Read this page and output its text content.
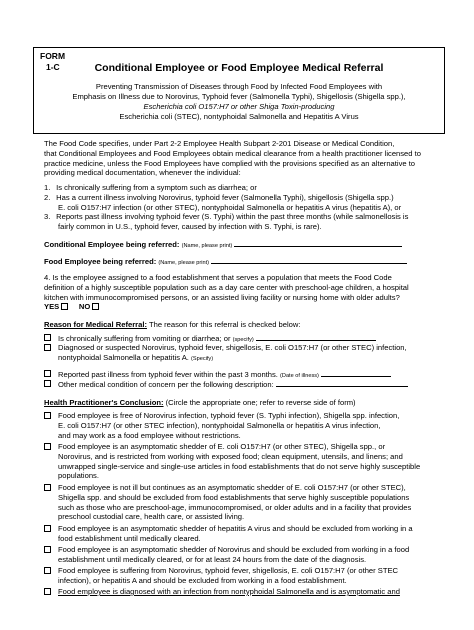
FORM
1-C	Conditional Employee or Food Employee Medical Referral
Preventing Transmission of Diseases through Food by Infected Food Employees with
Emphasis on Illness due to Norovirus, Typhoid fever (Salmonella Typhi), Shigellosis (Shigella spp.),
Escherichia coli O157:H7 or other Shiga Toxin-producing
Escherichia coli (STEC), nontyphoidal Salmonella and Hepatitis A Virus
The Food Code specifies, under Part 2-2 Employee Health Subpart 2-201 Disease or Medical Condition,
that Conditional Employees and Food Employees obtain medical clearance from a health practitioner licensed to
practice medicine, unless the Food Employees have complied with the provisions specified as an alternative to
providing medical documentation, whenever the individual:
1. Is chronically suffering from a symptom such as diarrhea; or
2. Has a current illness involving Norovirus, typhoid fever (Salmonella Typhi), shigellosis (Shigella spp.)
E. coli O157:H7 infection (or other STEC), nontyphoidal Salmonella or hepatitis A virus (hepatitis A), or
3. Reports past illness involving typhoid fever (S. Typhi) within the past three months (while salmonellosis is
fairly common in U.S., typhoid fever, caused by infection with S. Typhi, is rare).
Conditional Employee being referred: (Name, please print)
Food Employee being referred: (Name, please print)
4. Is the employee assigned to a food establishment that serves a population that meets the Food Code
definition of a highly susceptible population such as a day care center with preschool-age children, a hospital
kitchen with immunocompromised persons, or an assisted living facility or nursing home with older adults?
YES	NO
Reason for Medical Referral: The reason for this referral is checked below:
Is chronically suffering from vomiting or diarrhea; or (specify)
Diagnosed or suspected Norovirus, typhoid fever, shigellosis, E. coli O157:H7 (or other STEC) infection,
nontyphoidal Salmonella or hepatitis A. (Specify)
Reported past illness from typhoid fever within the past 3 months. (Date of illness)
Other medical condition of concern per the following description:
Health Practitioner's Conclusion: (Circle the appropriate one; refer to reverse side of form)
Food employee is free of Norovirus infection, typhoid fever (S. Typhi infection), Shigella spp. infection,
E. coli O157:H7 (or other STEC infection), nontyphoidal Salmonella or hepatitis A virus infection,
and may work as a food employee without restrictions.
Food employee is an asymptomatic shedder of E. coli O157:H7 (or other STEC), Shigella spp., or
Norovirus, and is restricted from working with exposed food; clean equipment, utensils, and linens; and
unwrapped single-service and single-use articles in food establishments that do not serve highly susceptible
populations.
Food employee is not ill but continues as an asymptomatic shedder of E. coli O157:H7 (or other STEC),
Shigella spp. and should be excluded from food establishments that serve highly susceptible populations
such as those who are preschool-age, immunocompromised, or older adults and in a facility that provides
preschool custodial care, health care, or assisted living.
Food employee is an asymptomatic shedder of hepatitis A virus and should be excluded from working in a
food establishment until medically cleared.
Food employee is an asymptomatic shedder of Norovirus and should be excluded from working in a food
establishment until medically cleared, or for at least 24 hours from the date of the diagnosis.
Food employee is suffering from Norovirus, typhoid fever, shigellosis, E. coli O157:H7 (or other STEC
infection), or hepatitis A and should be excluded from working in a food establishment.
Food employee is diagnosed with an infection from nontyphoidal Salmonella and is asymptomatic and
